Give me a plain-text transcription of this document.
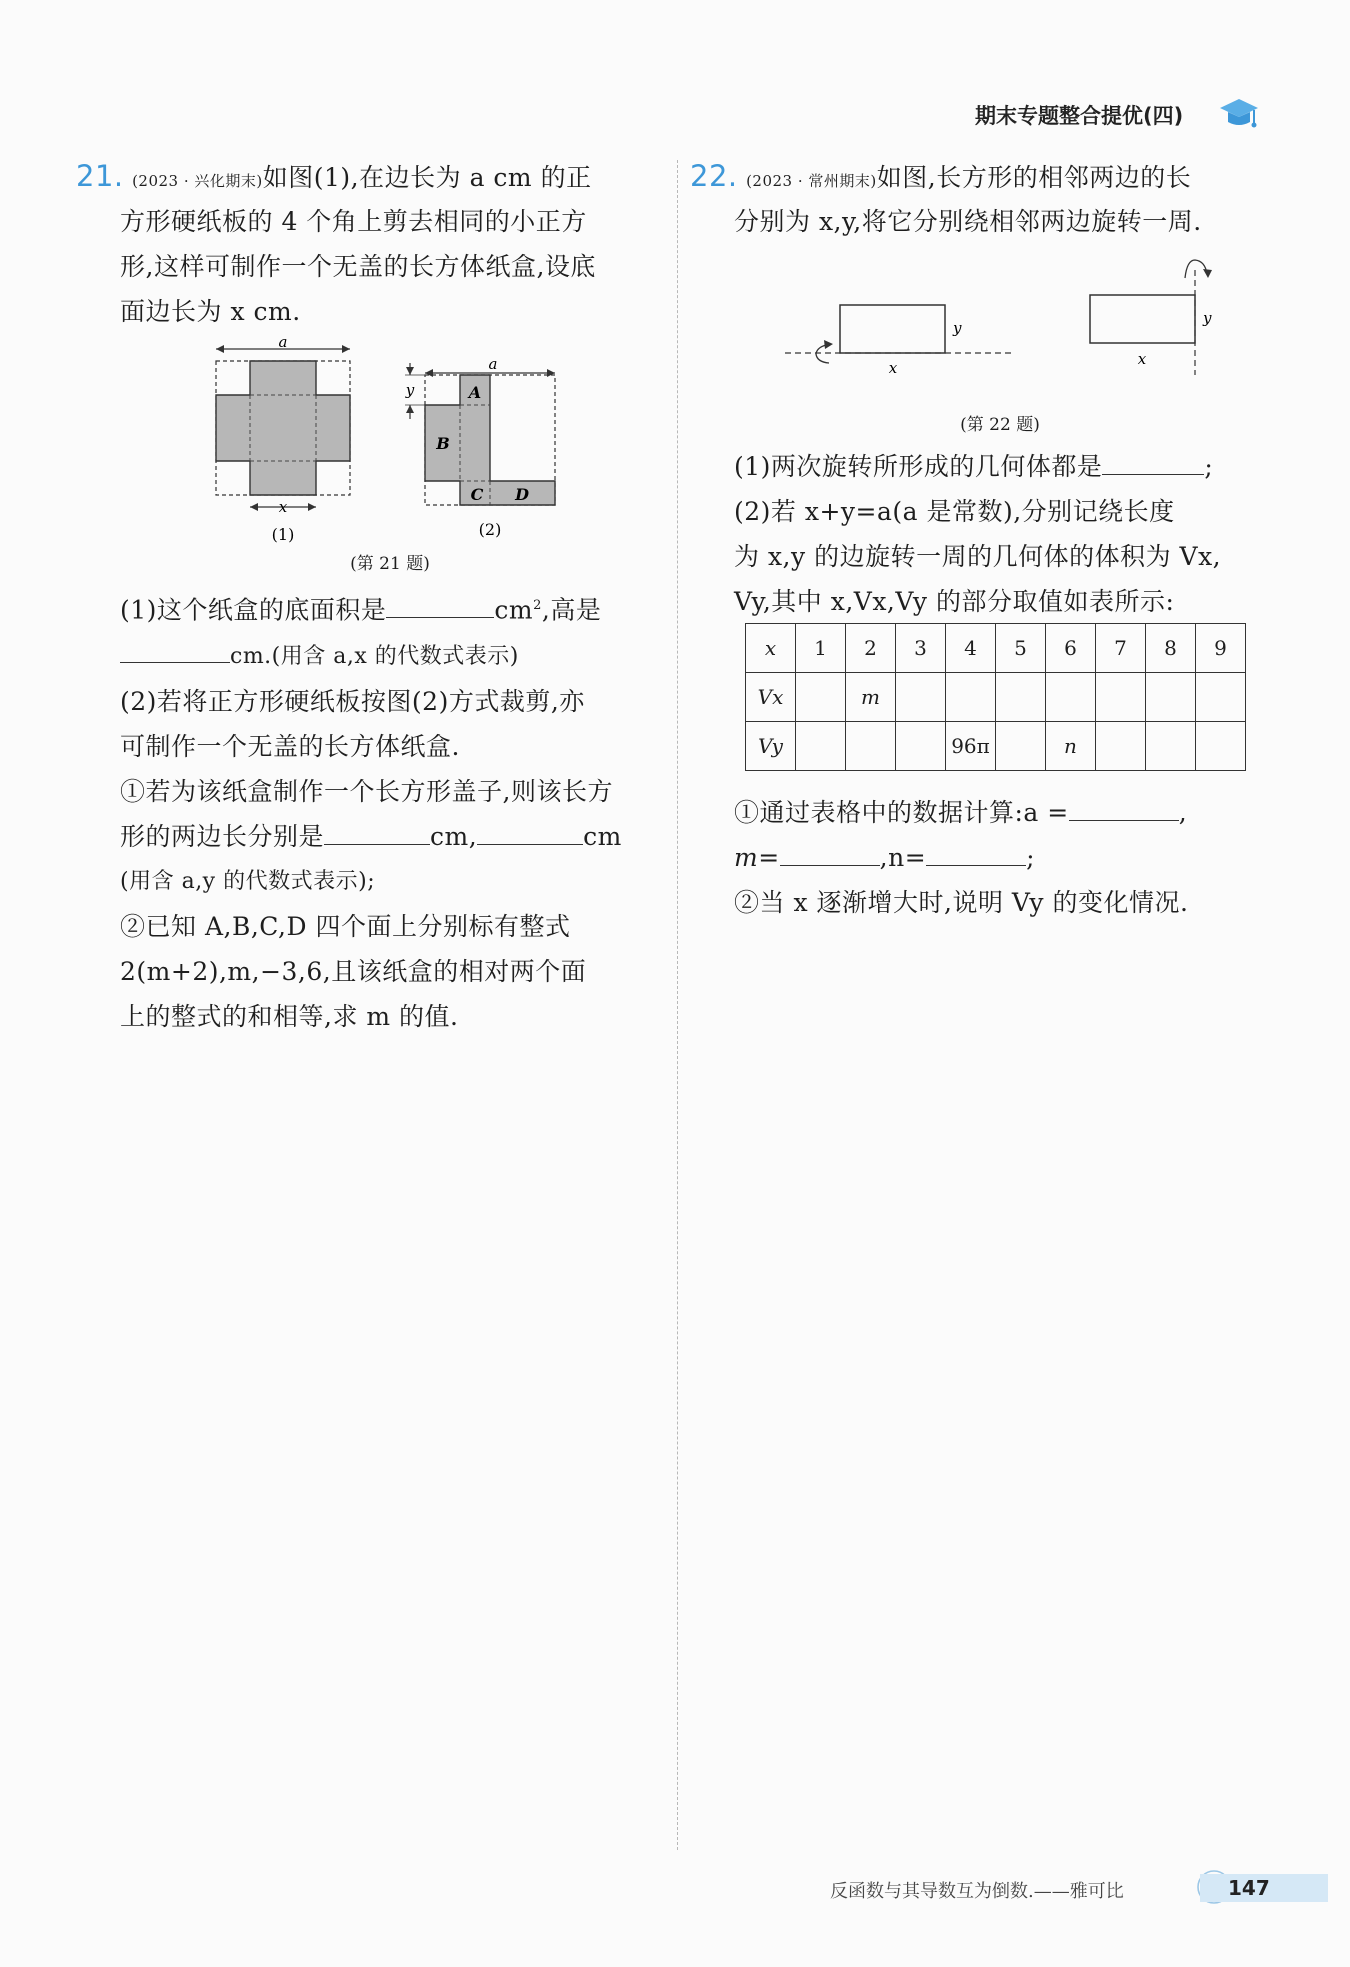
期末专题整合提优(四)
21. (2023 · 兴化期末)如图(1),在边长为 a cm 的正
方形硬纸板的 4 个角上剪去相同的小正方
形,这样可制作一个无盖的长方体纸盒,设底
面边长为 x cm.
a
x
(1)
A
B
C D
a
y
(2)
(第 21 题)
(1)这个纸盒的底面积是	$cm^2$,高是
cm.(用含 a,x 的代数式表示)
(2)若将正方形硬纸板按图(2)方式裁剪,亦
可制作一个无盖的长方体纸盒.
①若为该纸盒制作一个长方形盖子,则该长方
形的两边长分别是	cm,	cm
(用含 a,y 的代数式表示);
②已知 A,B,C,D 四个面上分别标有整式
2(m+2),m,−3,6,且该纸盒的相对两个面
上的整式的和相等,求 m 的值.
22. (2023 · 常州期末)如图,长方形的相邻两边的长
分别为 x,y,将它分别绕相邻两边旋转一周.
y
x
y
x
(第 22 题)
(1)两次旋转所形成的几何体都是	;
(2)若 x+y=a(a 是常数),分别记绕长度
为 x,y 的边旋转一周的几何体的体积为 Vx,
Vy,其中 x,Vx,Vy 的部分取值如表所示:
x	1	2	3	4	5	6	7	8	9
Vx		m							
Vy				96π		n			
①通过表格中的数据计算:a =	,
m=	,n=	;
②当 x 逐渐增大时,说明 Vy 的变化情况.
反函数与其导数互为倒数.——雅可比	147
